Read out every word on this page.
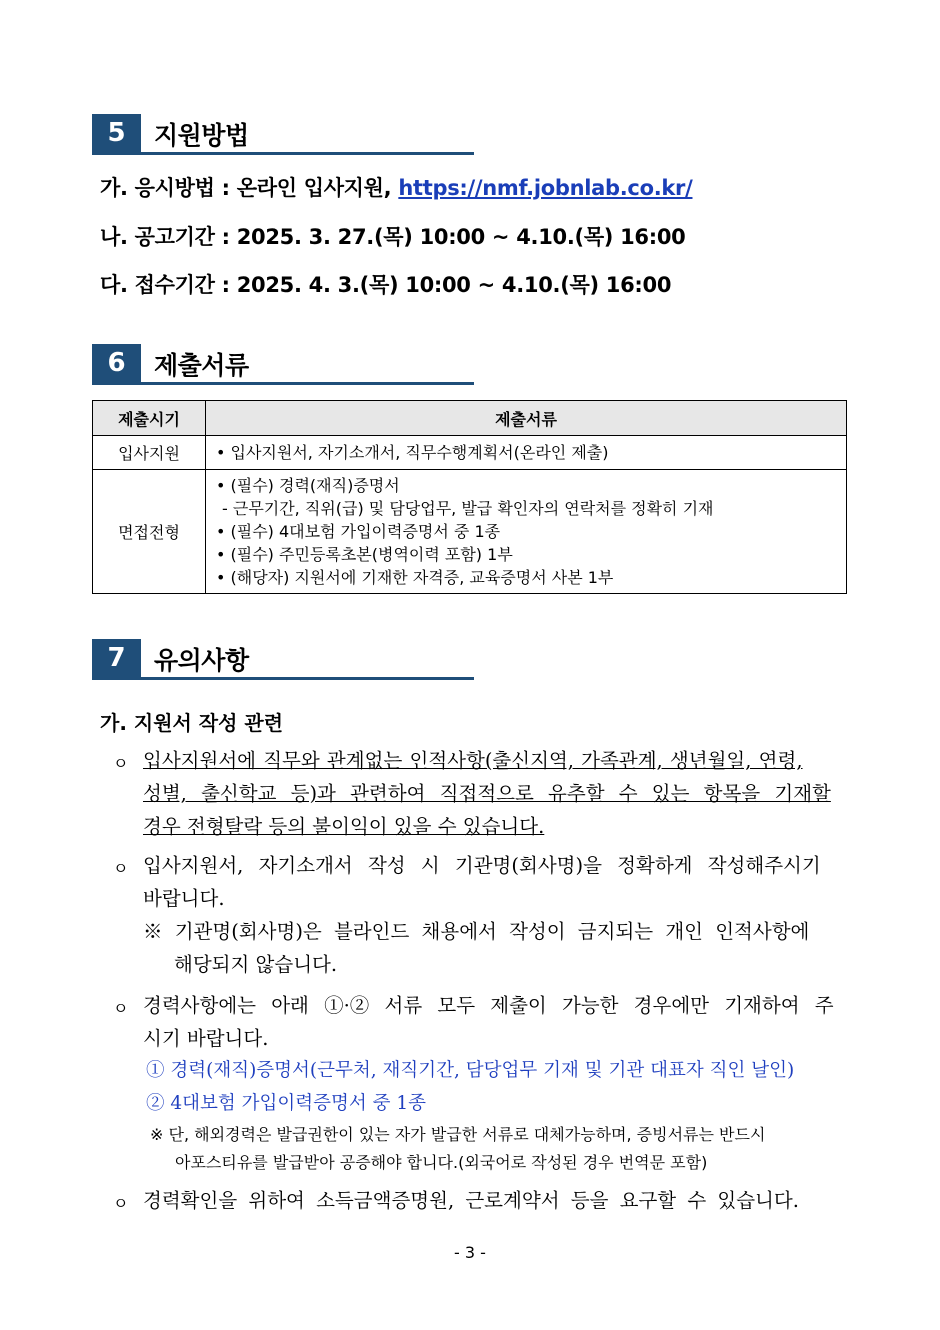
5	지원방법
가. 응시방법 : 온라인 입사지원, https://nmf.jobnlab.co.kr/
나. 공고기간 : 2025. 3. 27.(목) 10:00 ~ 4.10.(목) 16:00
다. 접수기간 : 2025. 4. 3.(목) 10:00 ~ 4.10.(목) 16:00
6	제출서류
제출시기	제출서류
입사지원	• 입사지원서, 자기소개서, 직무수행계획서(온라인 제출)

면접전형	• (필수) 경력(재직)증명서
- 근무기간, 직위(급) 및 담당업무, 발급 확인자의 연락처를 정확히 기재
• (필수) 4대보험 가입이력증명서 중 1종
• (필수) 주민등록초본(병역이력 포함) 1부
• (해당자) 지원서에 기재한 자격증, 교육증명서 사본 1부
7	유의사항
가. 지원서 작성 관련
ㅇ 입사지원서에 직무와 관계없는 인적사항(출신지역, 가족관계, 생년월일, 연령,
성별, 출신학교 등)과 관련하여 직접적으로 유추할 수 있는 항목을 기재할
경우 전형탈락 등의 불이익이 있을 수 있습니다.
ㅇ 입사지원서, 자기소개서 작성 시 기관명(회사명)을 정확하게 작성해주시기
바랍니다.
※ 기관명(회사명)은 블라인드 채용에서 작성이 금지되는 개인 인적사항에
해당되지 않습니다.
ㅇ 경력사항에는 아래 ①·② 서류 모두 제출이 가능한 경우에만 기재하여 주
시기 바랍니다.
① 경력(재직)증명서(근무처, 재직기간, 담당업무 기재 및 기관 대표자 직인 날인)
② 4대보험 가입이력증명서 중 1종
※ 단, 해외경력은 발급권한이 있는 자가 발급한 서류로 대체가능하며, 증빙서류는 반드시
아포스티유를 발급받아 공증해야 합니다.(외국어로 작성된 경우 번역문 포함)
ㅇ 경력확인을 위하여 소득금액증명원, 근로계약서 등을 요구할 수 있습니다.
- 3 -
